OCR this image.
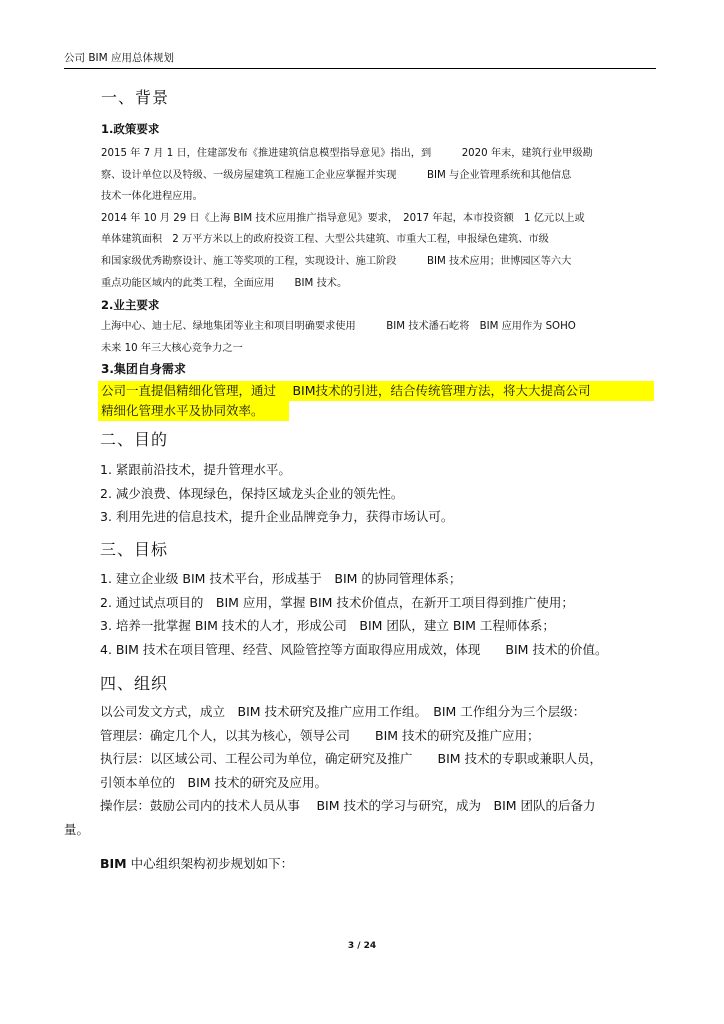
公司 BIM 应用总体规划
一、背景
1.政策要求
2015 年 7 月 1 日，住建部发布《推进建筑信息模型指导意见》指出，到　　　2020 年末，建筑行业甲级勘
察、设计单位以及特级、一级房屋建筑工程施工企业应掌握并实现　　　BIM 与企业管理系统和其他信息
技术一体化进程应用。
2014 年 10 月 29 日《上海 BIM 技术应用推广指导意见》要求，　2017 年起，本市投资额　1 亿元以上或
单体建筑面积　2 万平方米以上的政府投资工程、大型公共建筑、市重大工程，申报绿色建筑、市级
和国家级优秀勘察设计、施工等奖项的工程，实现设计、施工阶段　　　BIM 技术应用；世博园区等六大
重点功能区域内的此类工程，全面应用　　BIM 技术。
2.业主要求
上海中心、迪士尼、绿地集团等业主和项目明确要求使用　　　BIM 技术潘石屹将　BIM 应用作为 SOHO
未来 10 年三大核心竞争力之一
3.集团自身需求
公司一直提倡精细化管理，通过　 BIM技术的引进，结合传统管理方法，将大大提高公司
精细化管理水平及协同效率。
二、目的
1. 紧跟前沿技术，提升管理水平。
2. 减少浪费、体现绿色，保持区域龙头企业的领先性。
3. 利用先进的信息技术，提升企业品牌竞争力，获得市场认可。
三、目标
1. 建立企业级 BIM 技术平台，形成基于　BIM 的协同管理体系；
2. 通过试点项目的　BIM 应用，掌握 BIM 技术价值点，在新开工项目得到推广使用；
3. 培养一批掌握 BIM 技术的人才，形成公司　BIM 团队，建立 BIM 工程师体系；
4. BIM 技术在项目管理、经营、风险管控等方面取得应用成效，体现　　BIM 技术的价值。
四、组织
以公司发文方式，成立　BIM 技术研究及推广应用工作组。　BIM 工作组分为三个层级：
管理层：确定几个人，以其为核心，领导公司　　BIM 技术的研究及推广应用；
执行层：以区域公司、工程公司为单位，确定研究及推广　　BIM 技术的专职或兼职人员，
引领本单位的　BIM 技术的研究及应用。
操作层：鼓励公司内的技术人员从事　 BIM 技术的学习与研究，成为　BIM 团队的后备力
量。
BIM 中心组织架构初步规划如下：
3 / 24
